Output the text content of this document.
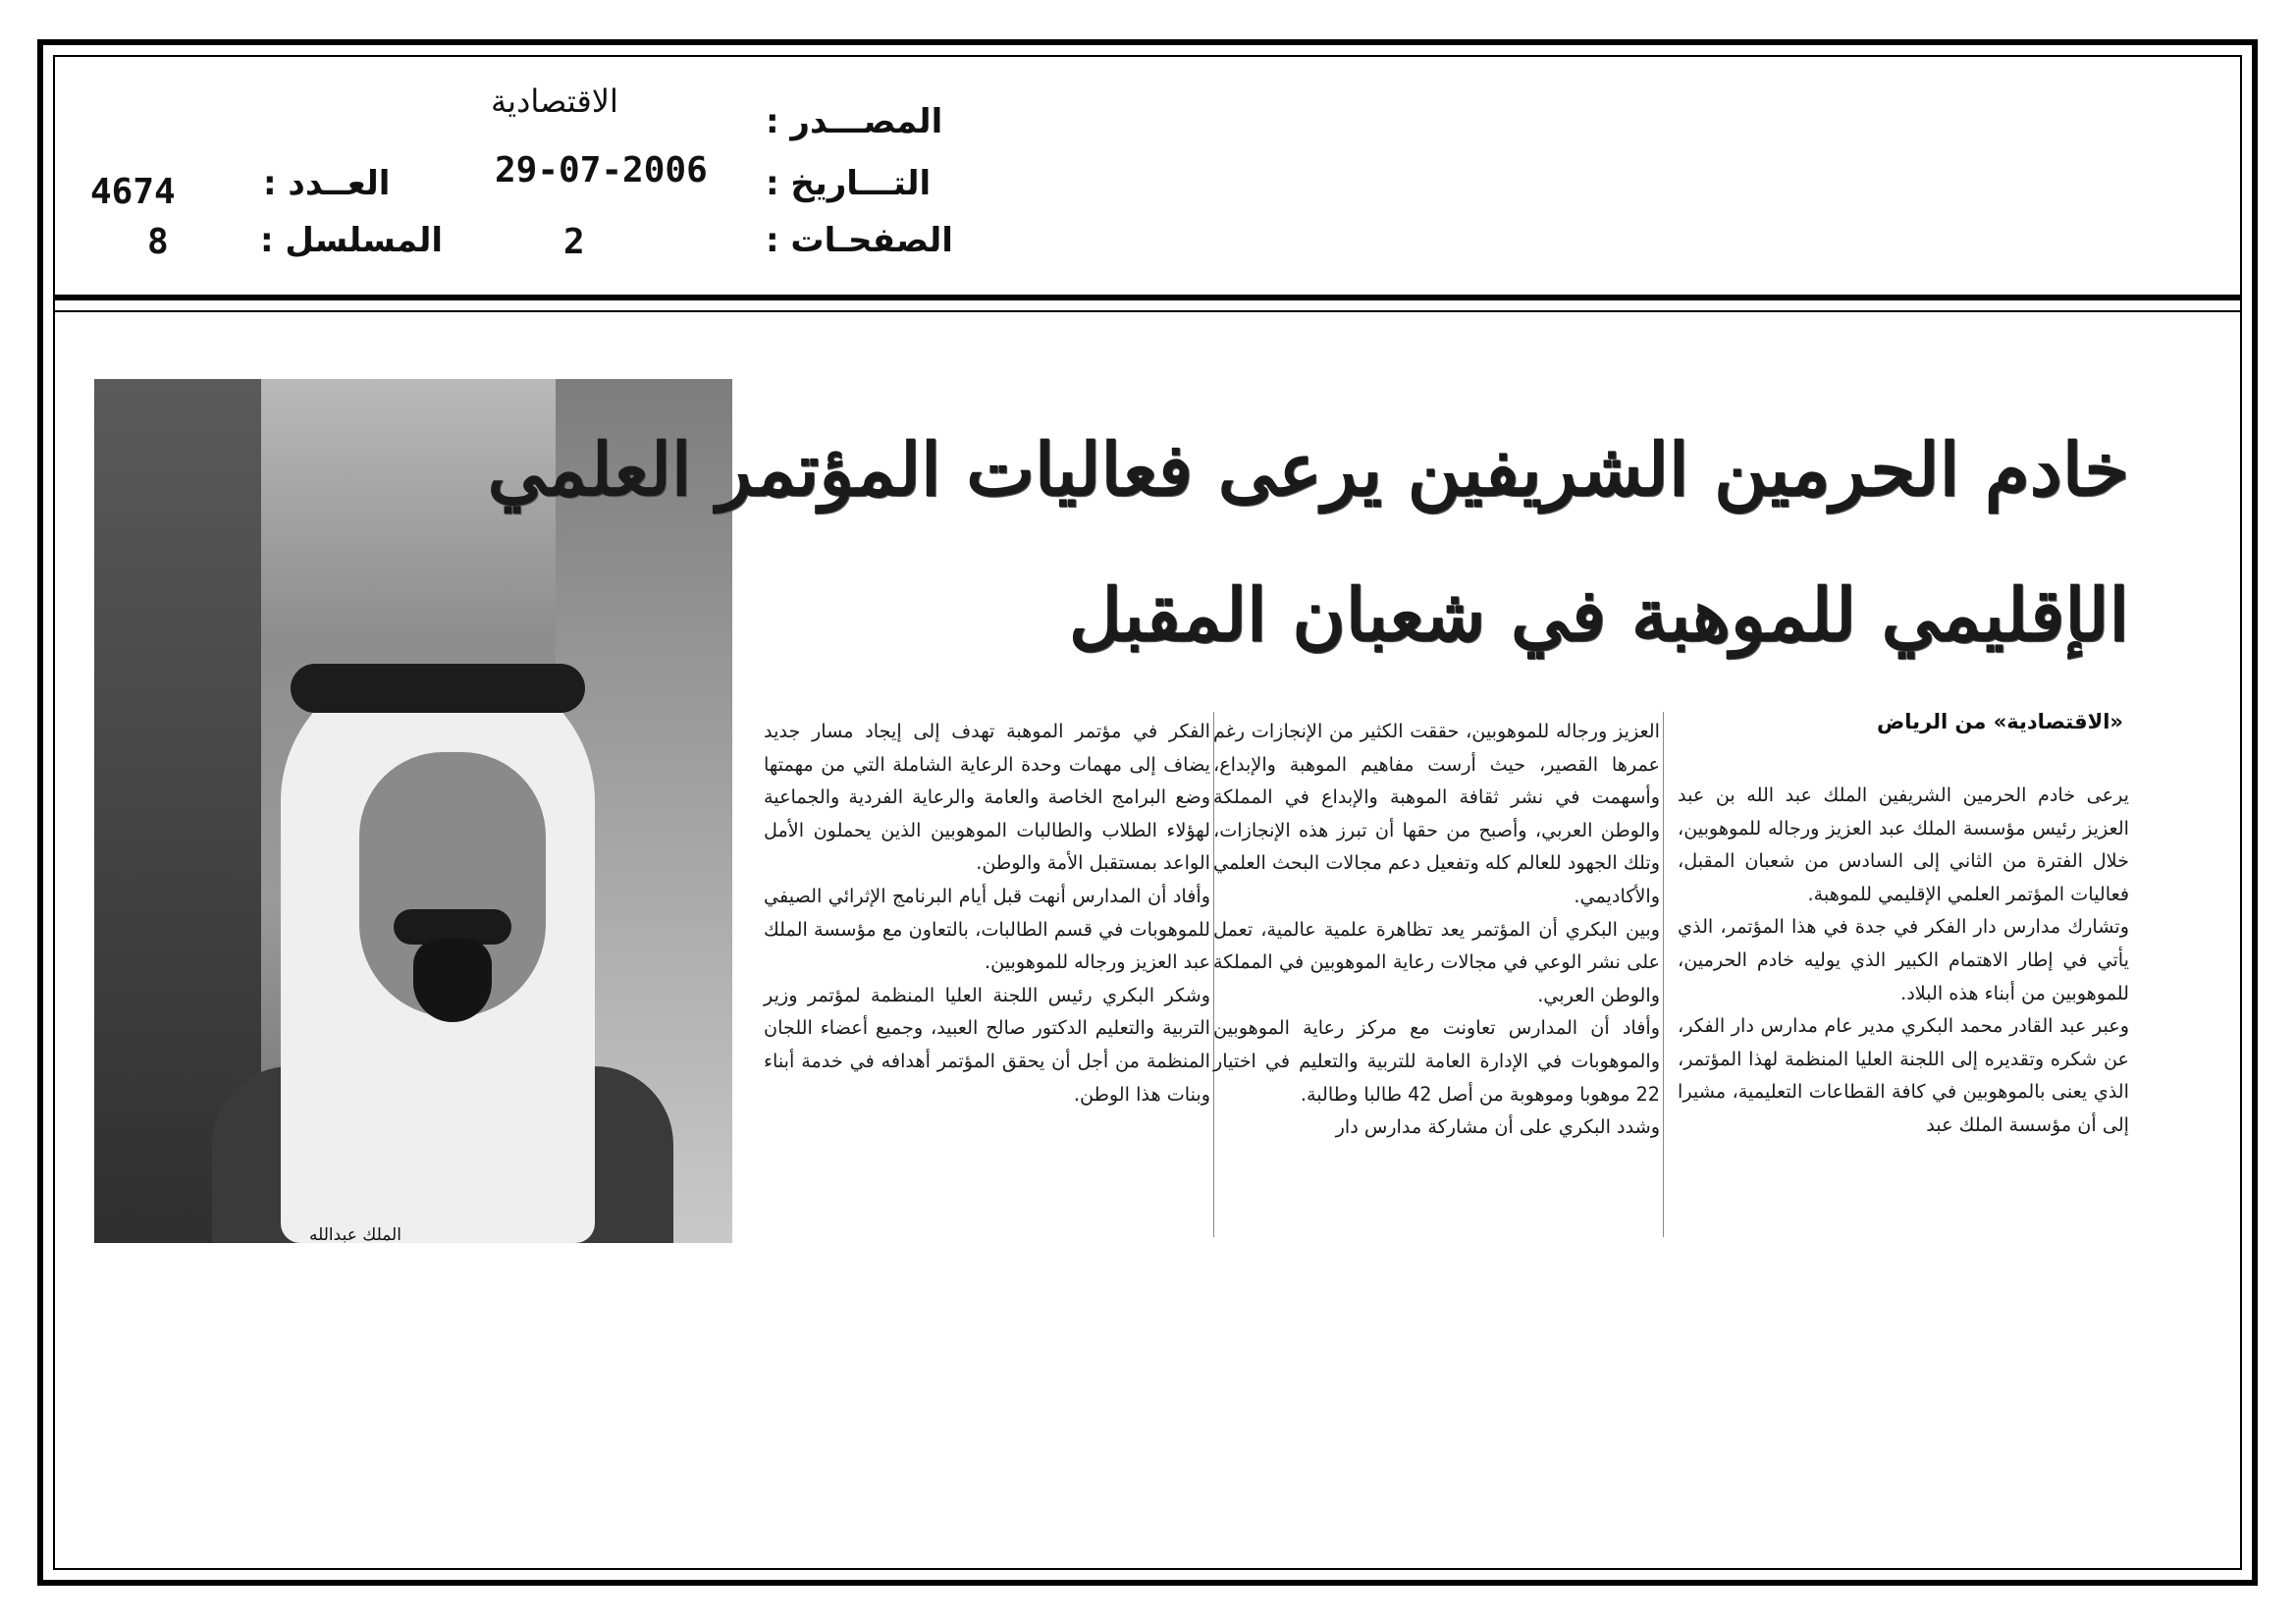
الاقتصادية
المصـــدر :
التـــاريخ :
الصفحـات :
29-07-2006
2
العــدد :
المسلسل :
4674
8
الملك عبدالله
خادم الحرمين الشريفين يرعى فعاليات المؤتمر العلمي
الإقليمي للموهبة في شعبان المقبل
«الاقتصادية» من الرياض

يرعى خادم الحرمين الشريفين الملك عبد الله بن عبد العزيز رئيس مؤسسة الملك عبد العزيز ورجاله للموهوبين، خلال الفترة من الثاني إلى السادس من شعبان المقبل، فعاليات المؤتمر العلمي الإقليمي للموهبة.

وتشارك مدارس دار الفكر في جدة في هذا المؤتمر، الذي يأتي في إطار الاهتمام الكبير الذي يوليه خادم الحرمين، للموهوبين من أبناء هذه البلاد.

وعبر عبد القادر محمد البكري مدير عام مدارس دار الفكر، عن شكره وتقديره إلى اللجنة العليا المنظمة لهذا المؤتمر، الذي يعنى بالموهوبين في كافة القطاعات التعليمية، مشيرا إلى أن مؤسسة الملك عبد

العزيز ورجاله للموهوبين، حققت الكثير من الإنجازات رغم عمرها القصير، حيث أرست مفاهيم الموهبة والإبداع، وأسهمت في نشر ثقافة الموهبة والإبداع في المملكة والوطن العربي، وأصبح من حقها أن تبرز هذه الإنجازات، وتلك الجهود للعالم كله وتفعيل دعم مجالات البحث العلمي والأكاديمي.

وبين البكري أن المؤتمر يعد تظاهرة علمية عالمية، تعمل على نشر الوعي في مجالات رعاية الموهوبين في المملكة والوطن العربي.

وأفاد أن المدارس تعاونت مع مركز رعاية الموهوبين والموهوبات في الإدارة العامة للتربية والتعليم في اختيار 22 موهوبا وموهوبة من أصل 42 طالبا وطالبة.

وشدد البكري على أن مشاركة مدارس دار

الفكر في مؤتمر الموهبة تهدف إلى إيجاد مسار جديد يضاف إلى مهمات وحدة الرعاية الشاملة التي من مهمتها وضع البرامج الخاصة والعامة والرعاية الفردية والجماعية لهؤلاء الطلاب والطالبات الموهوبين الذين يحملون الأمل الواعد بمستقبل الأمة والوطن.

وأفاد أن المدارس أنهت قبل أيام البرنامج الإثرائي الصيفي للموهوبات في قسم الطالبات، بالتعاون مع مؤسسة الملك عبد العزيز ورجاله للموهوبين.

وشكر البكري رئيس اللجنة العليا المنظمة لمؤتمر وزير التربية والتعليم الدكتور صالح العبيد، وجميع أعضاء اللجان المنظمة من أجل أن يحقق المؤتمر أهدافه في خدمة أبناء وبنات هذا الوطن.
